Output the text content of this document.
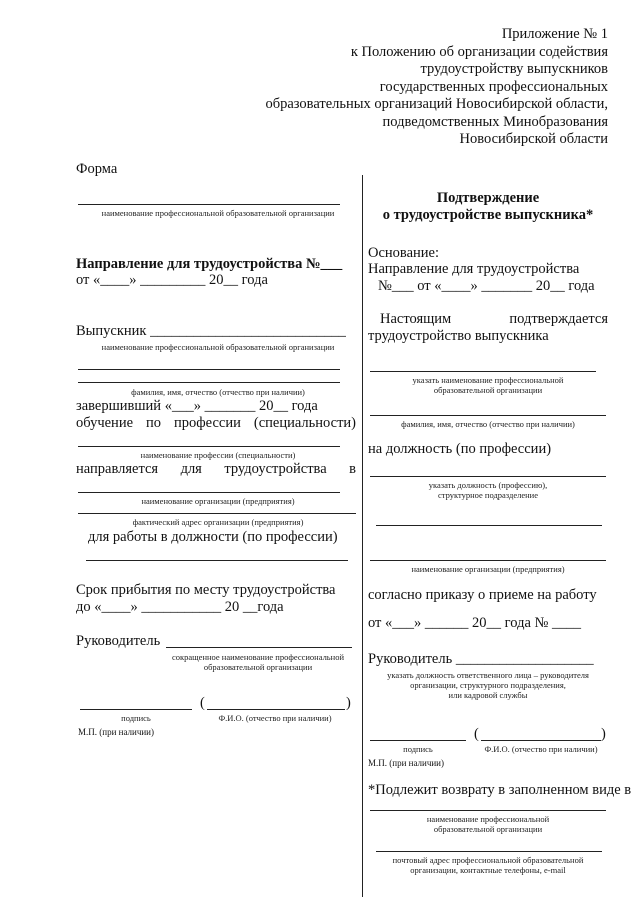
Приложение № 1
к Положению об организации содействия
трудоустройству выпускников
государственных профессиональных
образовательных организаций Новосибирской области,
подведомственных Минобразования
Новосибирской области
Форма
наименование профессиональной образовательной организации
Направление для трудоустройства №___
от «____» _________ 20__ года
Выпускник ___________________________
наименование профессиональной образовательной организации
фамилия, имя, отчество (отчество при наличии)
завершивший «___» _______ 20__ года
обучение по профессии (специальности)
наименование профессии (специальности)
направляется для трудоустройства в
наименование организации (предприятия)
фактический адрес организации (предприятия)
для работы в должности (по профессии)
Срок прибытия по месту трудоустройства
до «____» ___________ 20 __года
Руководитель
сокращенное наименование профессиональной
образовательной организации
(	)
подпись	Ф.И.О. (отчество при наличии)
М.П. (при наличии)
Подтверждение
о трудоустройстве выпускника*
Основание:
Направление для трудоустройства
№___ от «____» _______ 20__ года
Настоящим	подтверждается
трудоустройство выпускника
указать наименование профессиональной
образовательной организации
фамилия, имя, отчество (отчество при наличии)
на должность (по профессии)
указать должность (профессию),
структурное подразделение
наименование организации (предприятия)
согласно приказу о приеме на работу
от «___» ______ 20__ года № ____
Руководитель ___________________
указать должность ответственного лица – руководителя
организации, структурного подразделения,
или кадровой службы
(	)
подпись	Ф.И.О. (отчество при наличии)
М.П. (при наличии)
*Подлежит возврату в заполненном виде в
наименование профессиональной
образовательной организации
почтовый адрес профессиональной образовательной
организации, контактные телефоны, e-mail
